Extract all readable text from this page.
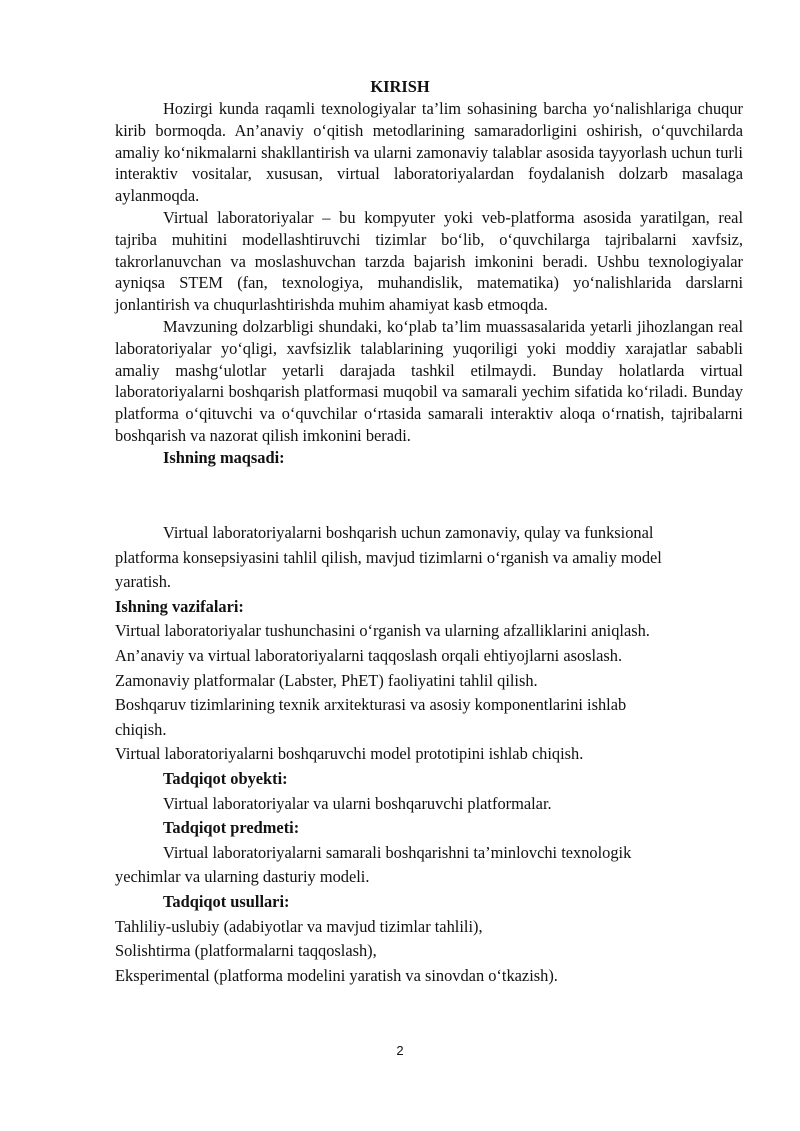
KIRISH

Hozirgi kunda raqamli texnologiyalar ta’lim sohasining barcha yo‘nalishlariga chuqur kirib bormoqda. An’anaviy o‘qitish metodlarining samaradorligini oshirish, o‘quvchilarda amaliy ko‘nikmalarni shakllantirish va ularni zamonaviy talablar asosida tayyorlash uchun turli interaktiv vositalar, xususan, virtual laboratoriyalardan foydalanish dolzarb masalaga aylanmoqda.

Virtual laboratoriyalar – bu kompyuter yoki veb-platforma asosida yaratilgan, real tajriba muhitini modellashtiruvchi tizimlar bo‘lib, o‘quvchilarga tajribalarni xavfsiz, takrorlanuvchan va moslashuvchan tarzda bajarish imkonini beradi. Ushbu texnologiyalar ayniqsa STEM (fan, texnologiya, muhandislik, matematika) yo‘nalishlarida darslarni jonlantirish va chuqurlashtirishda muhim ahamiyat kasb etmoqda.

Mavzuning dolzarbligi shundaki, ko‘plab ta’lim muassasalarida yetarli jihozlangan real laboratoriyalar yo‘qligi, xavfsizlik talablarining yuqoriligi yoki moddiy xarajatlar sababli amaliy mashg‘ulotlar yetarli darajada tashkil etilmaydi. Bunday holatlarda virtual laboratoriyalarni boshqarish platformasi muqobil va samarali yechim sifatida ko‘riladi. Bunday platforma o‘qituvchi va o‘quvchilar o‘rtasida samarali interaktiv aloqa o‘rnatish, tajribalarni boshqarish va nazorat qilish imkonini beradi.

Ishning maqsadi:

Virtual laboratoriyalarni boshqarish uchun zamonaviy, qulay va funksional

platforma konsepsiyasini tahlil qilish, mavjud tizimlarni o‘rganish va amaliy model

yaratish.

Ishning vazifalari:

Virtual laboratoriyalar tushunchasini o‘rganish va ularning afzalliklarini aniqlash.

An’anaviy va virtual laboratoriyalarni taqqoslash orqali ehtiyojlarni asoslash.

Zamonaviy platformalar (Labster, PhET) faoliyatini tahlil qilish.

Boshqaruv tizimlarining texnik arxitekturasi va asosiy komponentlarini ishlab

chiqish.

Virtual laboratoriyalarni boshqaruvchi model prototipini ishlab chiqish.

Tadqiqot obyekti:

Virtual laboratoriyalar va ularni boshqaruvchi platformalar.

Tadqiqot predmeti:

Virtual laboratoriyalarni samarali boshqarishni ta’minlovchi texnologik

yechimlar va ularning dasturiy modeli.

Tadqiqot usullari:

Tahliliy-uslubiy (adabiyotlar va mavjud tizimlar tahlili),

Solishtirma (platformalarni taqqoslash),

Eksperimental (platforma modelini yaratish va sinovdan o‘tkazish).

2
